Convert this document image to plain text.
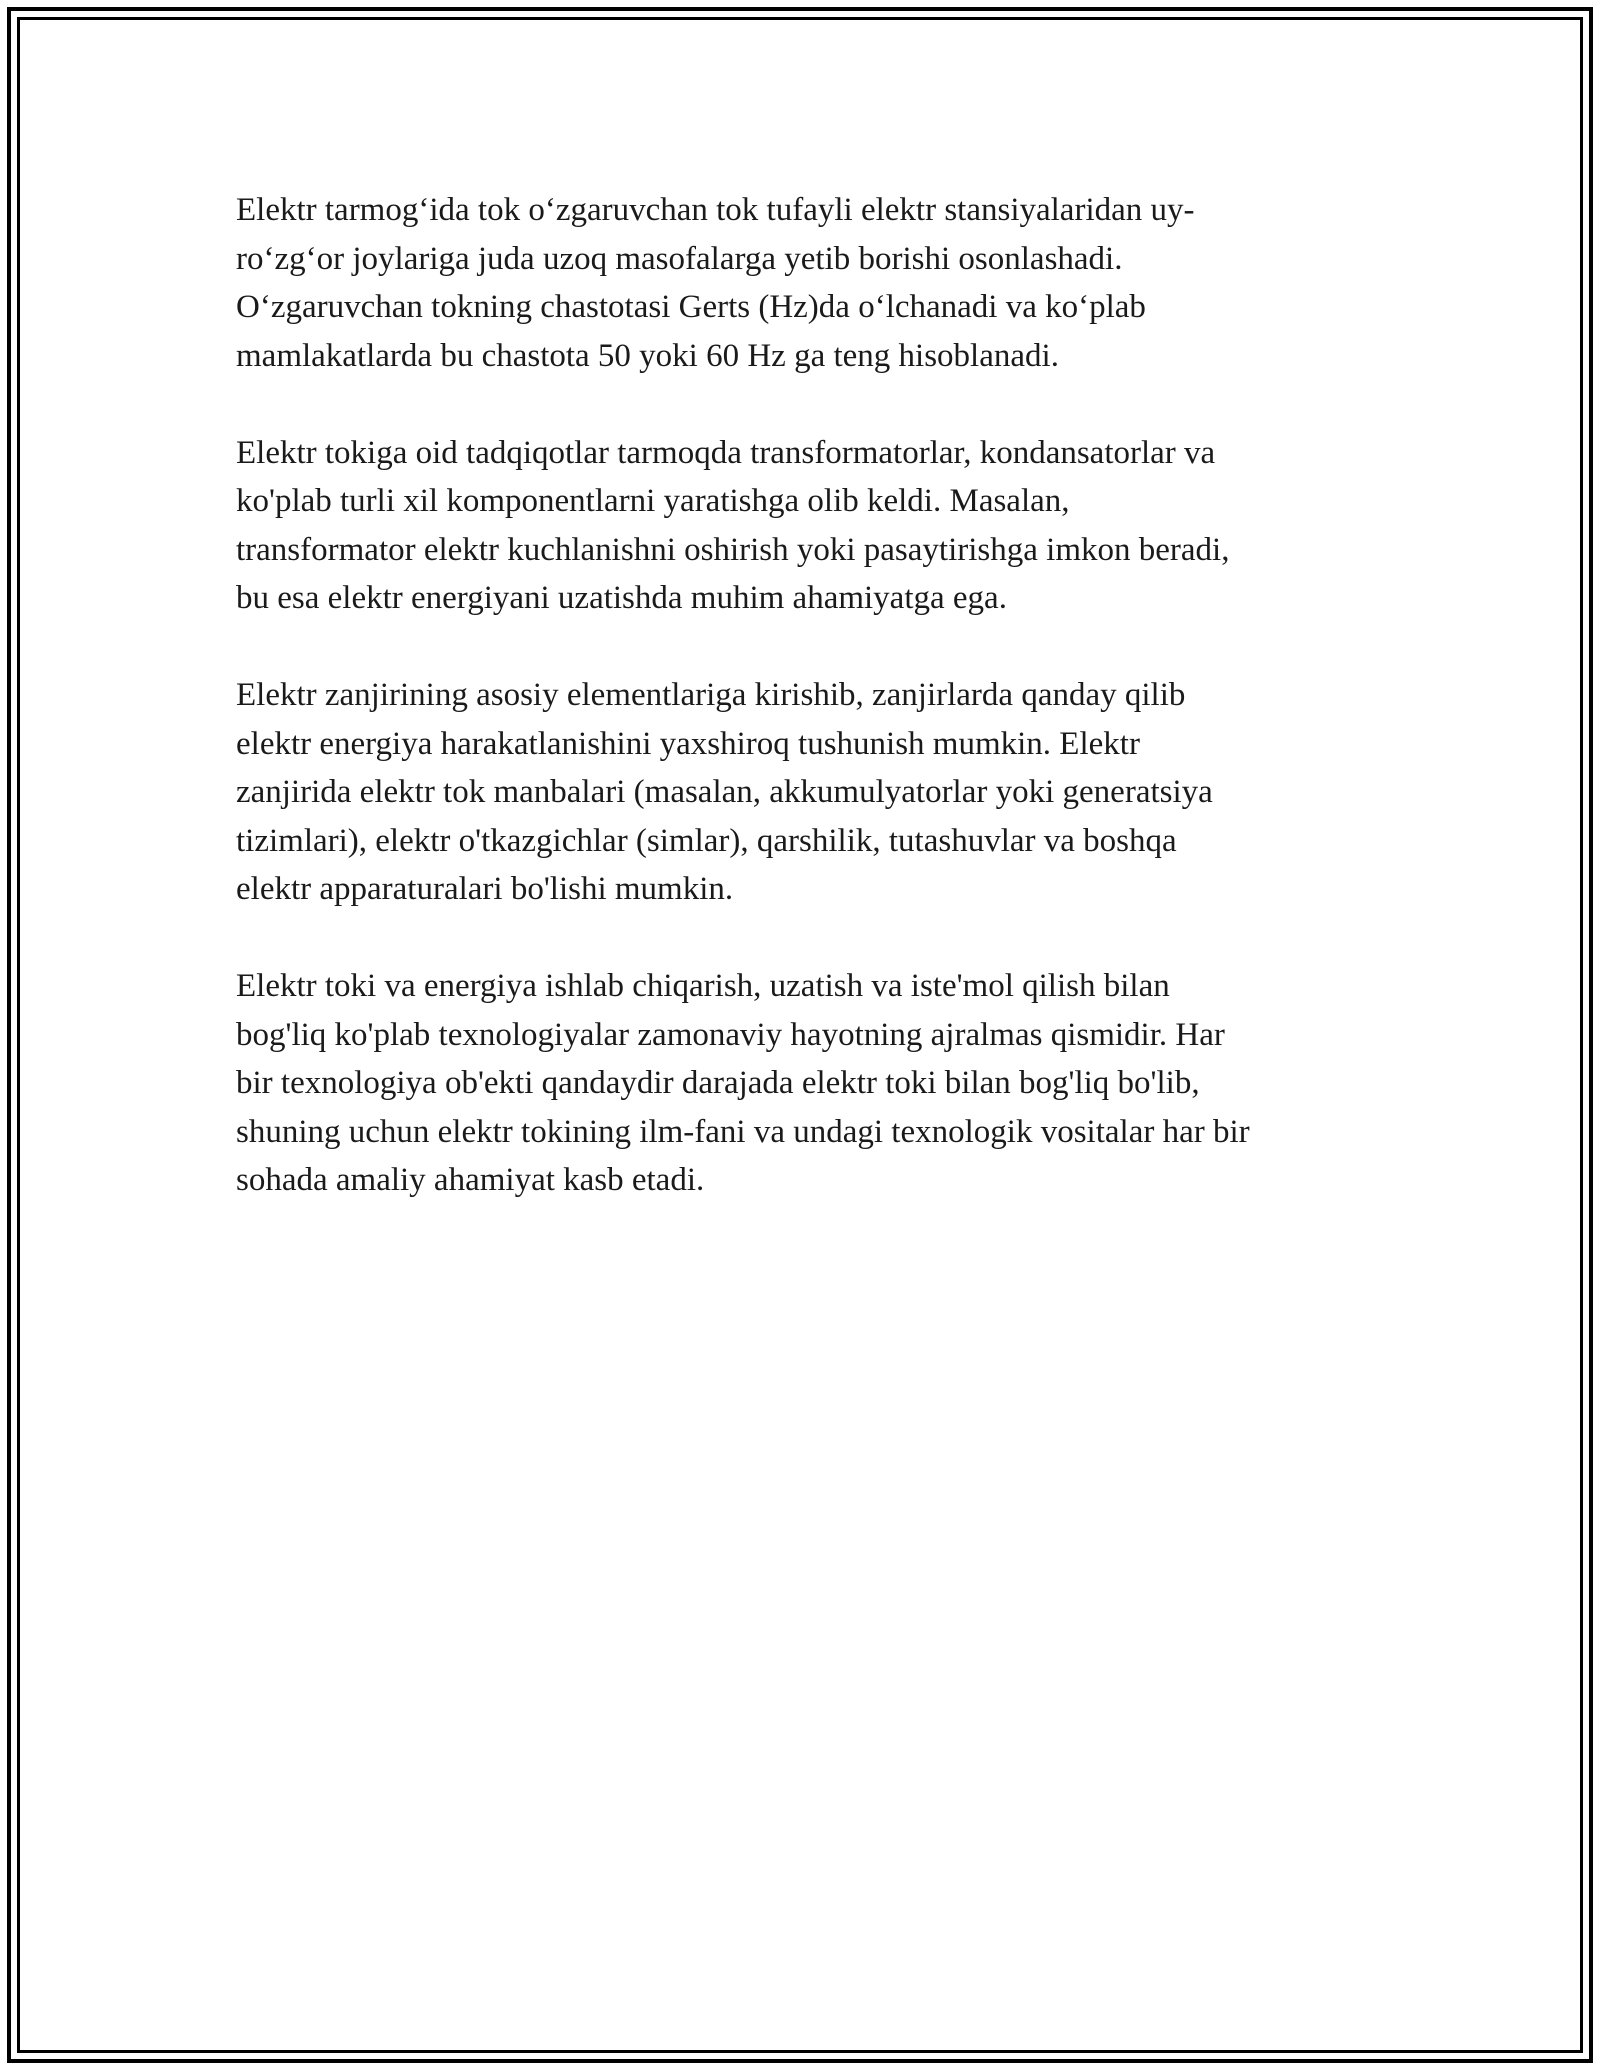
Elektr tarmog‘ida tok o‘zgaruvchan tok tufayli elektr stansiyalaridan uy-
ro‘zg‘or joylariga juda uzoq masofalarga yetib borishi osonlashadi.
O‘zgaruvchan tokning chastotasi Gerts (Hz)da o‘lchanadi va ko‘plab
mamlakatlarda bu chastota 50 yoki 60 Hz ga teng hisoblanadi.

Elektr tokiga oid tadqiqotlar tarmoqda transformatorlar, kondansatorlar va
ko'plab turli xil komponentlarni yaratishga olib keldi. Masalan,
transformator elektr kuchlanishni oshirish yoki pasaytirishga imkon beradi,
bu esa elektr energiyani uzatishda muhim ahamiyatga ega.

Elektr zanjirining asosiy elementlariga kirishib, zanjirlarda qanday qilib
elektr energiya harakatlanishini yaxshiroq tushunish mumkin. Elektr
zanjirida elektr tok manbalari (masalan, akkumulyatorlar yoki generatsiya
tizimlari), elektr o'tkazgichlar (simlar), qarshilik, tutashuvlar va boshqa
elektr apparaturalari bo'lishi mumkin.

Elektr toki va energiya ishlab chiqarish, uzatish va iste'mol qilish bilan
bog'liq ko'plab texnologiyalar zamonaviy hayotning ajralmas qismidir. Har
bir texnologiya ob'ekti qandaydir darajada elektr toki bilan bog'liq bo'lib,
shuning uchun elektr tokining ilm-fani va undagi texnologik vositalar har bir
sohada amaliy ahamiyat kasb etadi.
